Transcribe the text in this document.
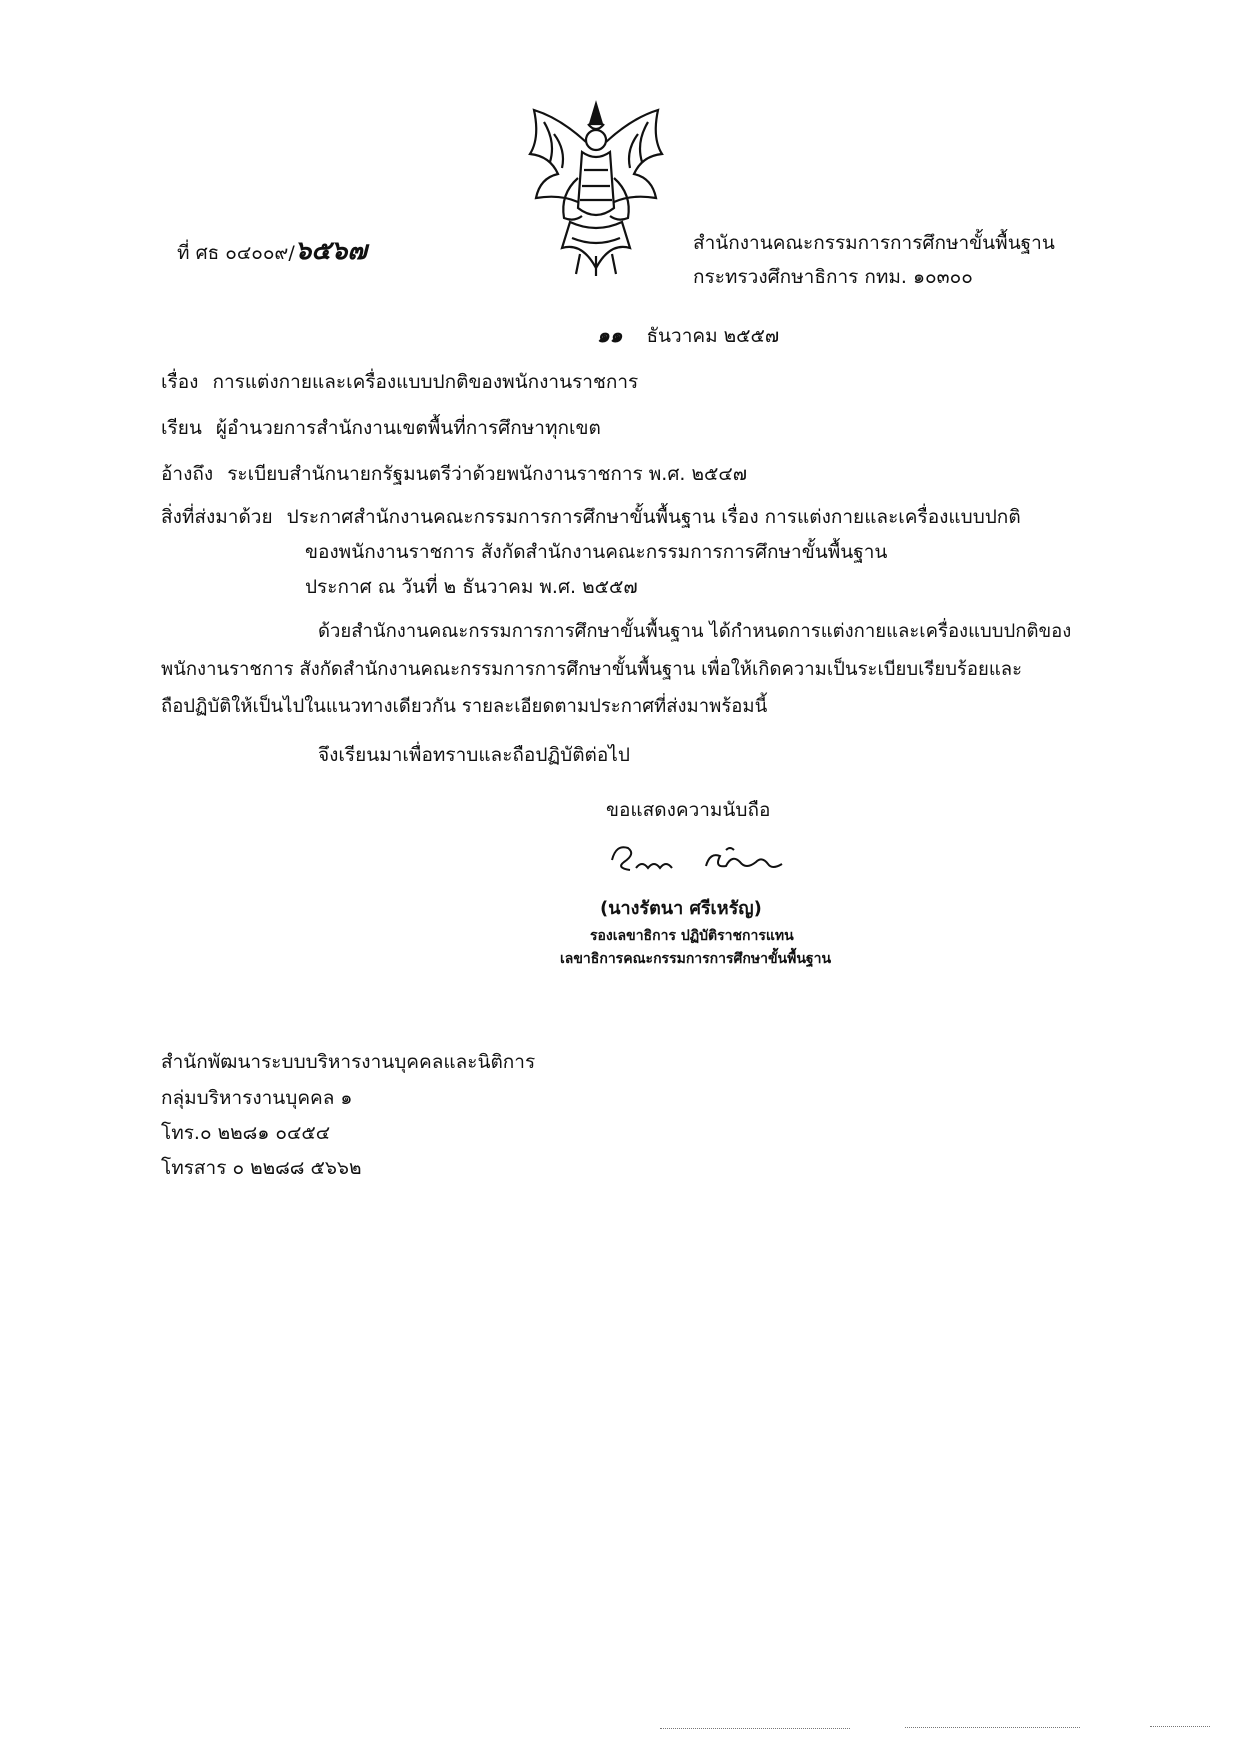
ที่ ศธ ๐๔๐๐๙/๖๕๖๗	สำนักงานคณะกรรมการการศึกษาขั้นพื้นฐาน
กระทรวงศึกษาธิการ กทม. ๑๐๓๐๐
๑๑ ธันวาคม ๒๕๕๗
เรื่อง การแต่งกายและเครื่องแบบปกติของพนักงานราชการ
เรียน ผู้อำนวยการสำนักงานเขตพื้นที่การศึกษาทุกเขต
อ้างถึง ระเบียบสำนักนายกรัฐมนตรีว่าด้วยพนักงานราชการ พ.ศ. ๒๕๔๗
สิ่งที่ส่งมาด้วย ประกาศสำนักงานคณะกรรมการการศึกษาขั้นพื้นฐาน เรื่อง การแต่งกายและเครื่องแบบปกติ
ของพนักงานราชการ สังกัดสำนักงานคณะกรรมการการศึกษาขั้นพื้นฐาน
ประกาศ ณ วันที่ ๒ ธันวาคม พ.ศ. ๒๕๕๗
ด้วยสำนักงานคณะกรรมการการศึกษาขั้นพื้นฐาน ได้กำหนดการแต่งกายและเครื่องแบบปกติของ
พนักงานราชการ สังกัดสำนักงานคณะกรรมการการศึกษาขั้นพื้นฐาน เพื่อให้เกิดความเป็นระเบียบเรียบร้อยและ
ถือปฏิบัติให้เป็นไปในแนวทางเดียวกัน รายละเอียดตามประกาศที่ส่งมาพร้อมนี้
จึงเรียนมาเพื่อทราบและถือปฏิบัติต่อไป
ขอแสดงความนับถือ
(นางรัตนา ศรีเหรัญ)
รองเลขาธิการ ปฏิบัติราชการแทน
เลขาธิการคณะกรรมการการศึกษาขั้นพื้นฐาน
สำนักพัฒนาระบบบริหารงานบุคคลและนิติการ
กลุ่มบริหารงานบุคคล ๑
โทร.๐ ๒๒๘๑ ๐๔๕๔
โทรสาร ๐ ๒๒๘๘ ๕๖๖๒
